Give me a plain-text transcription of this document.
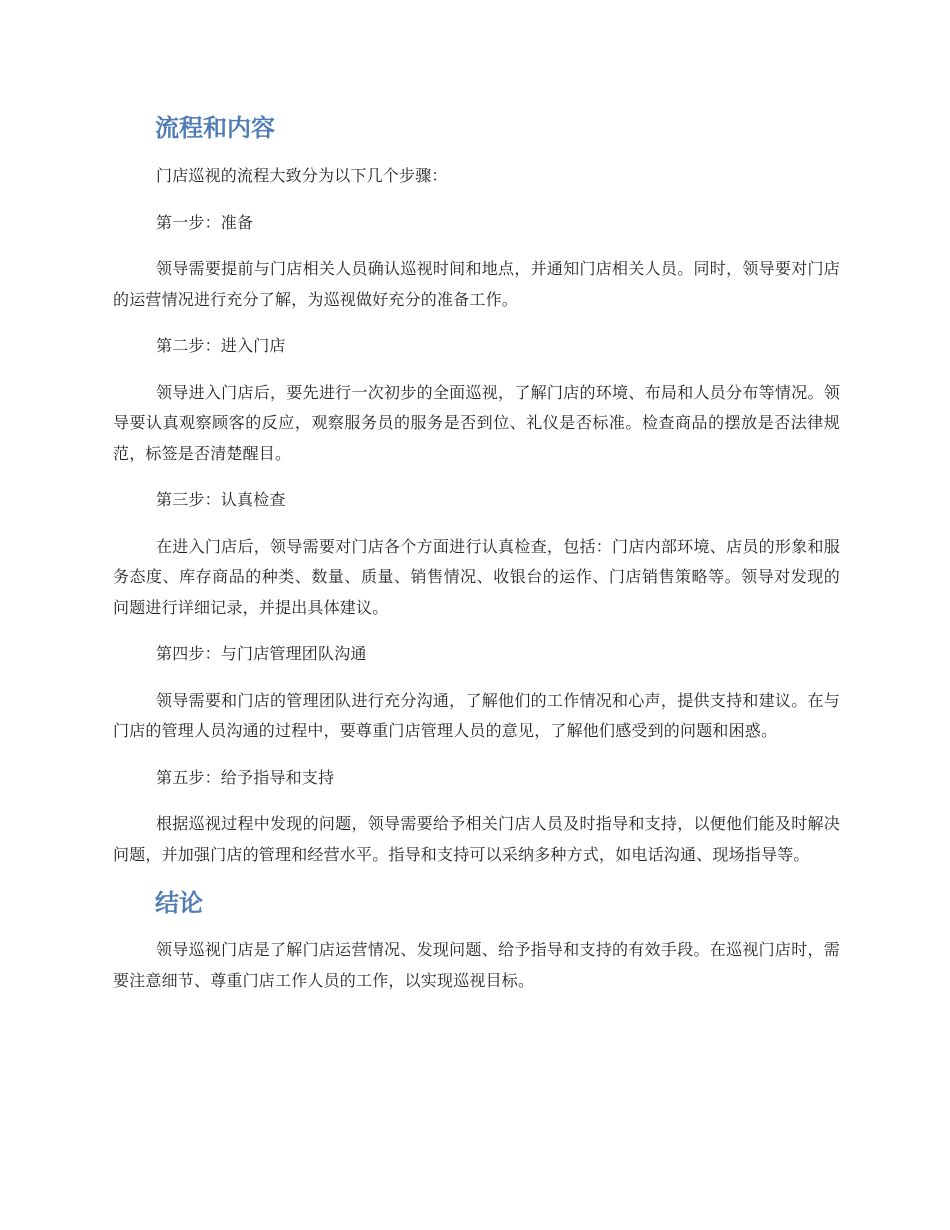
流程和内容

门店巡视的流程大致分为以下几个步骤：

第一步：准备

领导需要提前与门店相关人员确认巡视时间和地点，并通知门店相关人员。同时，领导要对门店的运营情况进行充分了解，为巡视做好充分的准备工作。

第二步：进入门店

领导进入门店后，要先进行一次初步的全面巡视，了解门店的环境、布局和人员分布等情况。领导要认真观察顾客的反应，观察服务员的服务是否到位、礼仪是否标准。检查商品的摆放是否法律规范，标签是否清楚醒目。

第三步：认真检查

在进入门店后，领导需要对门店各个方面进行认真检查，包括：门店内部环境、店员的形象和服务态度、库存商品的种类、数量、质量、销售情况、收银台的运作、门店销售策略等。领导对发现的问题进行详细记录，并提出具体建议。

第四步：与门店管理团队沟通

领导需要和门店的管理团队进行充分沟通，了解他们的工作情况和心声，提供支持和建议。在与门店的管理人员沟通的过程中，要尊重门店管理人员的意见，了解他们感受到的问题和困惑。

第五步：给予指导和支持

根据巡视过程中发现的问题，领导需要给予相关门店人员及时指导和支持，以便他们能及时解决问题，并加强门店的管理和经营水平。指导和支持可以采纳多种方式，如电话沟通、现场指导等。

结论

领导巡视门店是了解门店运营情况、发现问题、给予指导和支持的有效手段。在巡视门店时，需要注意细节、尊重门店工作人员的工作，以实现巡视目标。
